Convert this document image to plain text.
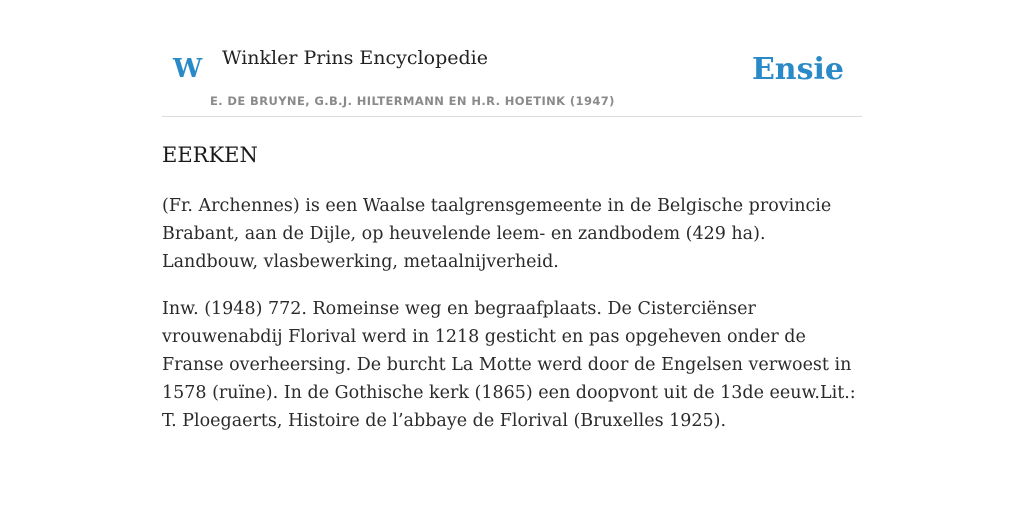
W Winkler Prins Encyclopedie
E. DE BRUYNE, G.B.J. HILTERMANN EN H.R. HOETINK (1947)
Ensie
EERKEN

(Fr. Archennes) is een Waalse taalgrensgemeente in de Belgische provincie Brabant, aan de Dijle, op heuvelende leem- en zandbodem (429 ha). Landbouw, vlasbewerking, metaalnijverheid.

Inw. (1948) 772. Romeinse weg en begraafplaats. De Cisterciënser vrouwenabdij Florival werd in 1218 gesticht en pas opgeheven onder de Franse overheersing. De burcht La Motte werd door de Engelsen verwoest in 1578 (ruïne). In de Gothische kerk (1865) een doopvont uit de 13de eeuw.Lit.: T. Ploegaerts, Histoire de l’abbaye de Florival (Bruxelles 1925).
